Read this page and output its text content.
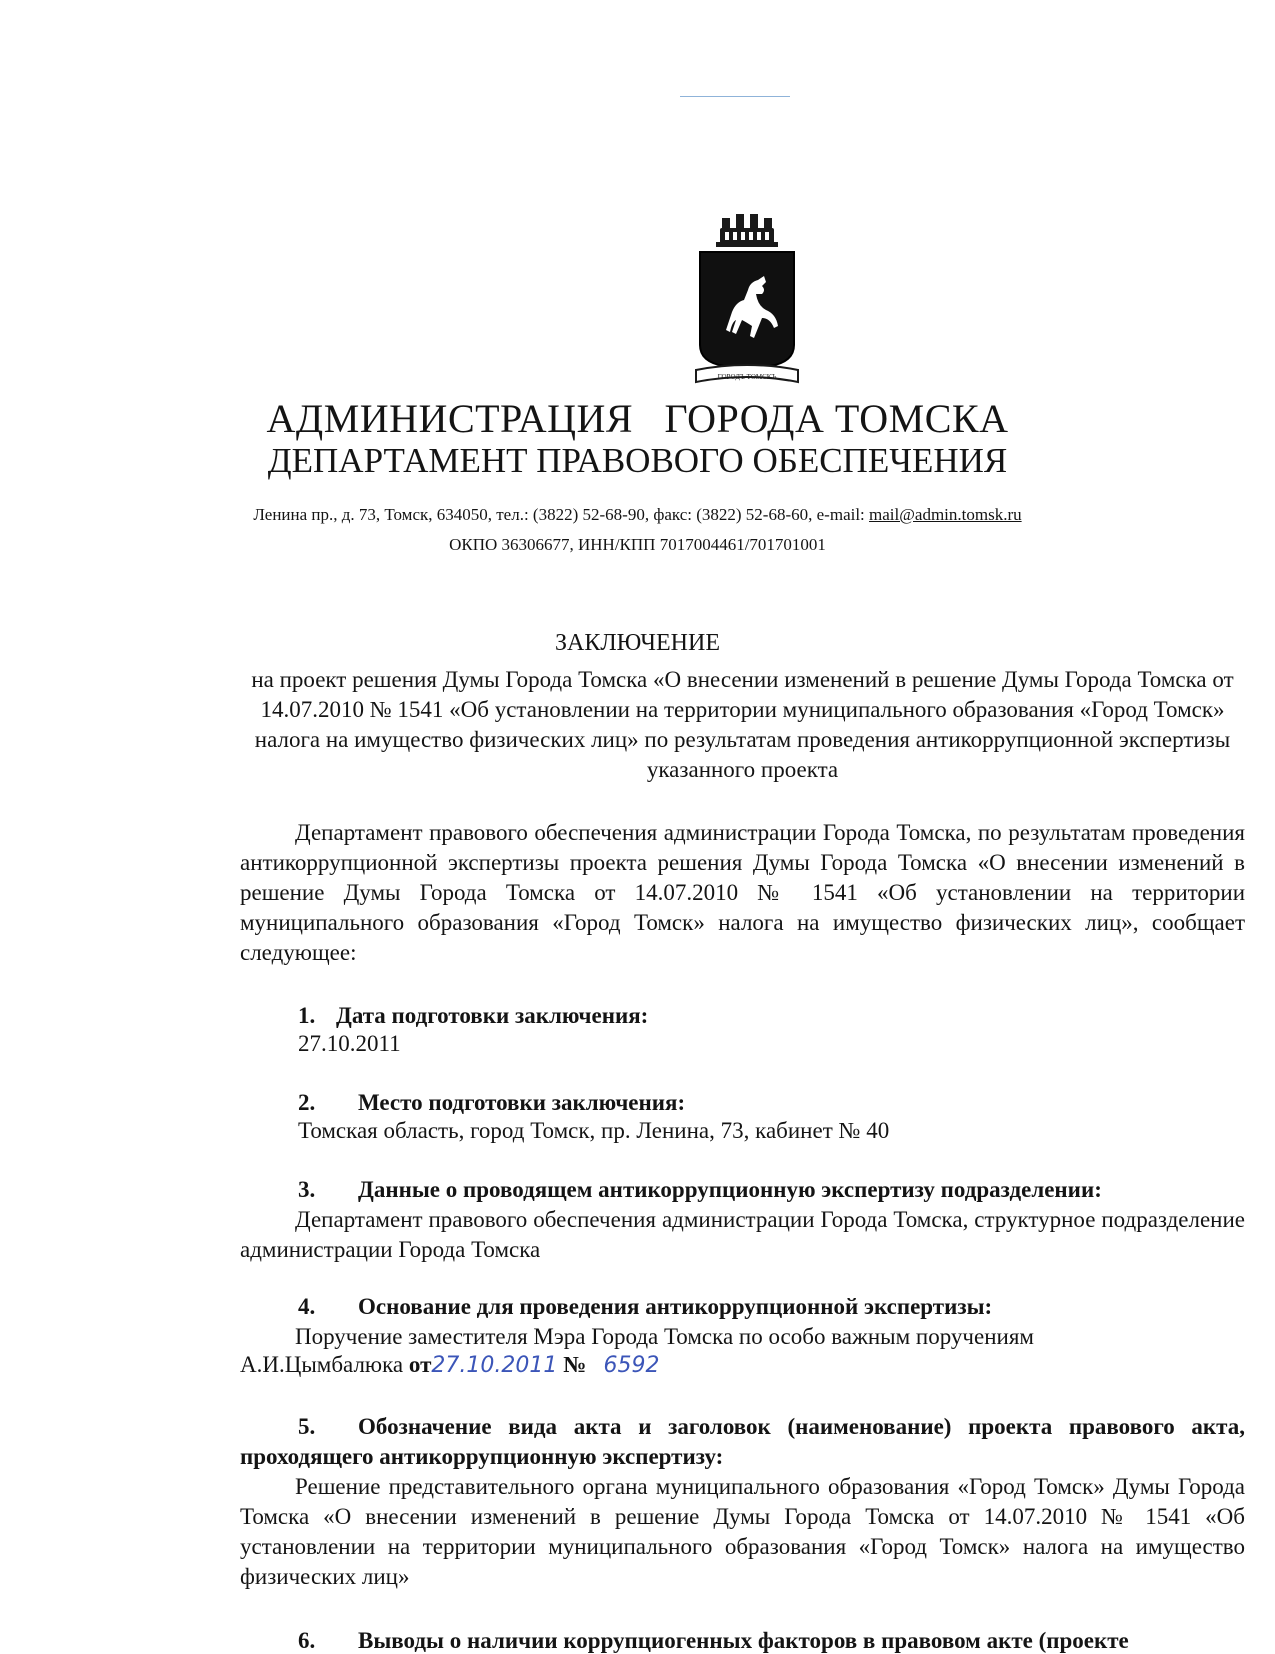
ГОРОДЪ ТОМСКЪ
АДМИНИСТРАЦИЯ   ГОРОДА ТОМСКА
ДЕПАРТАМЕНТ ПРАВОВОГО ОБЕСПЕЧЕНИЯ
Ленина пр., д. 73, Томск, 634050, тел.: (3822) 52-68-90, факс: (3822) 52-68-60, e-mail: mail@admin.tomsk.ru
ОКПО 36306677, ИНН/КПП 7017004461/701701001
ЗАКЛЮЧЕНИЕ
на проект решения Думы Города Томска «О внесении изменений в решение Думы Города Томска от 14.07.2010 № 1541 «Об установлении на территории муниципального образования «Город Томск» налога на имущество физических лиц» по результатам проведения антикоррупционной экспертизы указанного проекта
Департамент правового обеспечения администрации Города Томска, по результатам проведения антикоррупционной экспертизы проекта решения Думы Города Томска «О внесении изменений в решение Думы Города Томска от 14.07.2010 № 1541 «Об установлении на территории муниципального образования «Город Томск» налога на имущество физических лиц», сообщает следующее:
1. Дата подготовки заключения:
27.10.2011
2. Место подготовки заключения:
Томская область, город Томск, пр. Ленина, 73, кабинет № 40
3. Данные о проводящем антикоррупционную экспертизу подразделении:
Департамент правового обеспечения администрации Города Томска, структурное подразделение администрации Города Томска
4. Основание для проведения антикоррупционной экспертизы:
Поручение заместителя Мэра Города Томска по особо важным поручениям
А.И.Цымбалюка от27.10.2011 № 6592
5. Обозначение вида акта и заголовок (наименование) проекта правового акта, проходящего антикоррупционную экспертизу:
Решение представительного органа муниципального образования «Город Томск» Думы Города Томска «О внесении изменений в решение Думы Города Томска от 14.07.2010 № 1541 «Об установлении на территории муниципального образования «Город Томск» налога на имущество физических лиц»
6. Выводы о наличии коррупциогенных факторов в правовом акте (проекте
